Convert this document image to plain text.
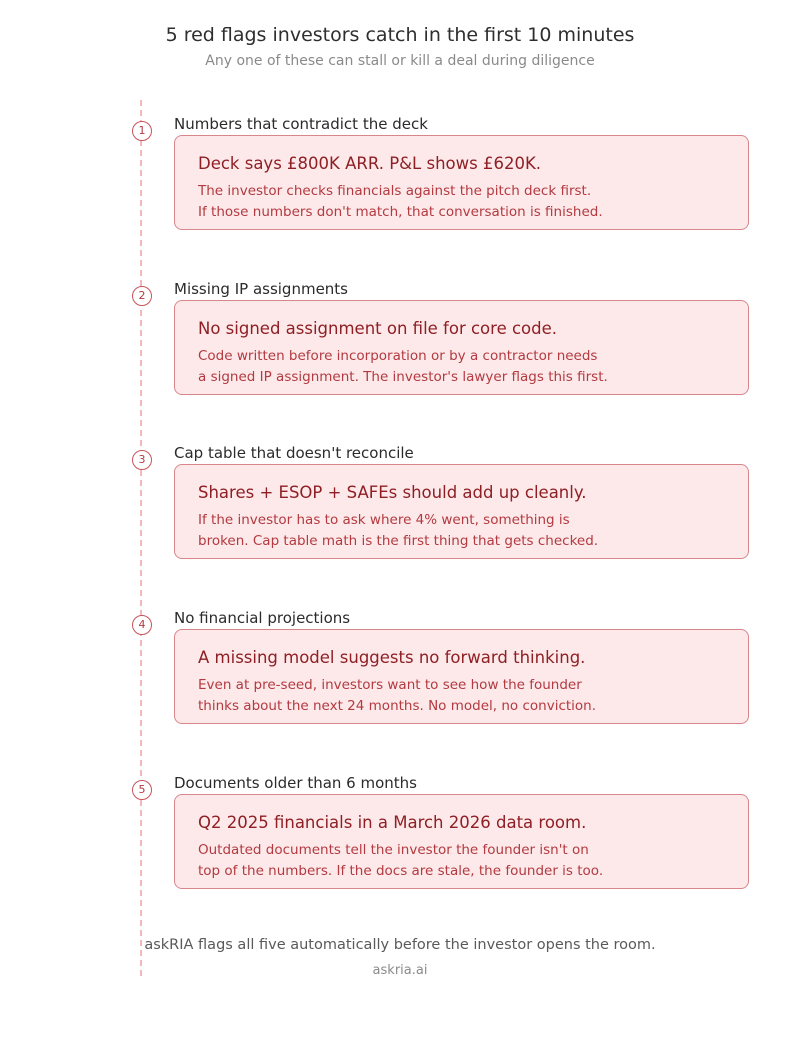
5 red flags investors catch in the first 10 minutes
Any one of these can stall or kill a deal during diligence
1	Numbers that contradict the deck
Deck says £800K ARR. P&L shows £620K.
The investor checks financials against the pitch deck first.
If those numbers don't match, that conversation is finished.
2	Missing IP assignments
No signed assignment on file for core code.
Code written before incorporation or by a contractor needs
a signed IP assignment. The investor's lawyer flags this first.
3	Cap table that doesn't reconcile
Shares + ESOP + SAFEs should add up cleanly.
If the investor has to ask where 4% went, something is
broken. Cap table math is the first thing that gets checked.
4	No financial projections
A missing model suggests no forward thinking.
Even at pre-seed, investors want to see how the founder
thinks about the next 24 months. No model, no conviction.
5	Documents older than 6 months
Q2 2025 financials in a March 2026 data room.
Outdated documents tell the investor the founder isn't on
top of the numbers. If the docs are stale, the founder is too.
askRIA flags all five automatically before the investor opens the room.
askria.ai
